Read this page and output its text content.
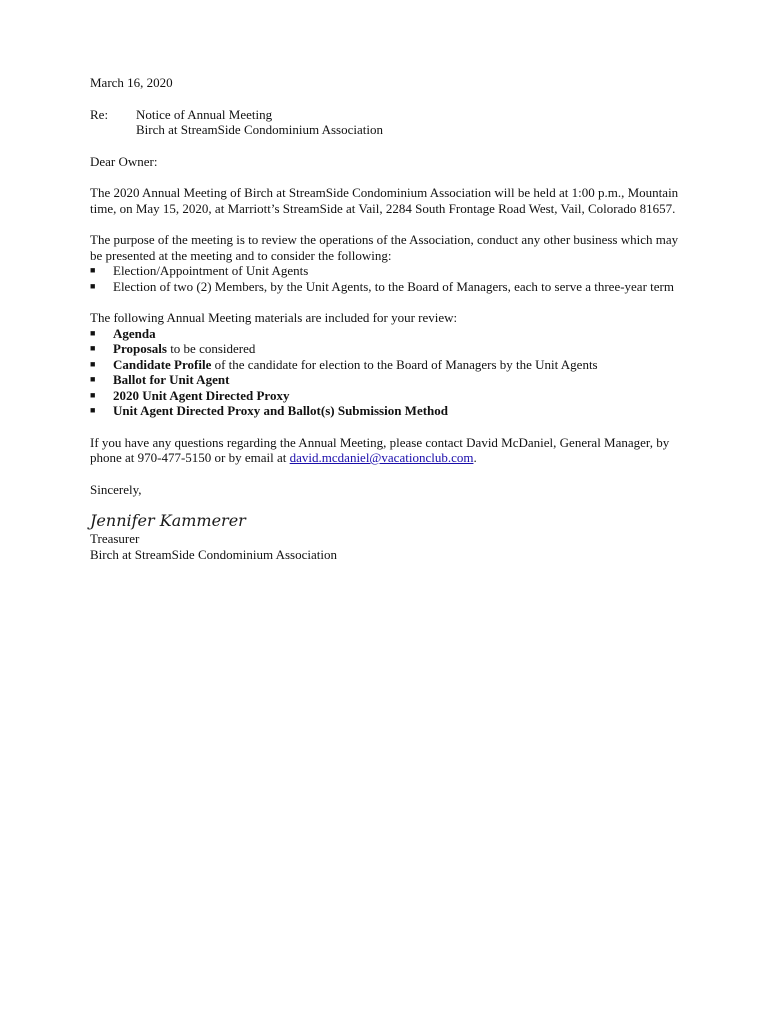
March 16, 2020

Re:	Notice of Annual Meeting
Birch at StreamSide Condominium Association

Dear Owner:

The 2020 Annual Meeting of Birch at StreamSide Condominium Association will be held at 1:00 p.m., Mountain time, on May 15, 2020, at Marriott’s StreamSide at Vail, 2284 South Frontage Road West, Vail, Colorado 81657.

The purpose of the meeting is to review the operations of the Association, conduct any other business which may be presented at the meeting and to consider the following:

■ Election/Appointment of Unit Agents
■ Election of two (2) Members, by the Unit Agents, to the Board of Managers, each to serve a three-year term

The following Annual Meeting materials are included for your review:

■ Agenda
■ Proposals to be considered
■ Candidate Profile of the candidate for election to the Board of Managers by the Unit Agents
■ Ballot for Unit Agent
■ 2020 Unit Agent Directed Proxy
■ Unit Agent Directed Proxy and Ballot(s) Submission Method

If you have any questions regarding the Annual Meeting, please contact David McDaniel, General Manager, by phone at 970-477-5150 or by email at david.mcdaniel@vacationclub.com.

Sincerely,

Jennifer Kammerer

Treasurer

Birch at StreamSide Condominium Association
